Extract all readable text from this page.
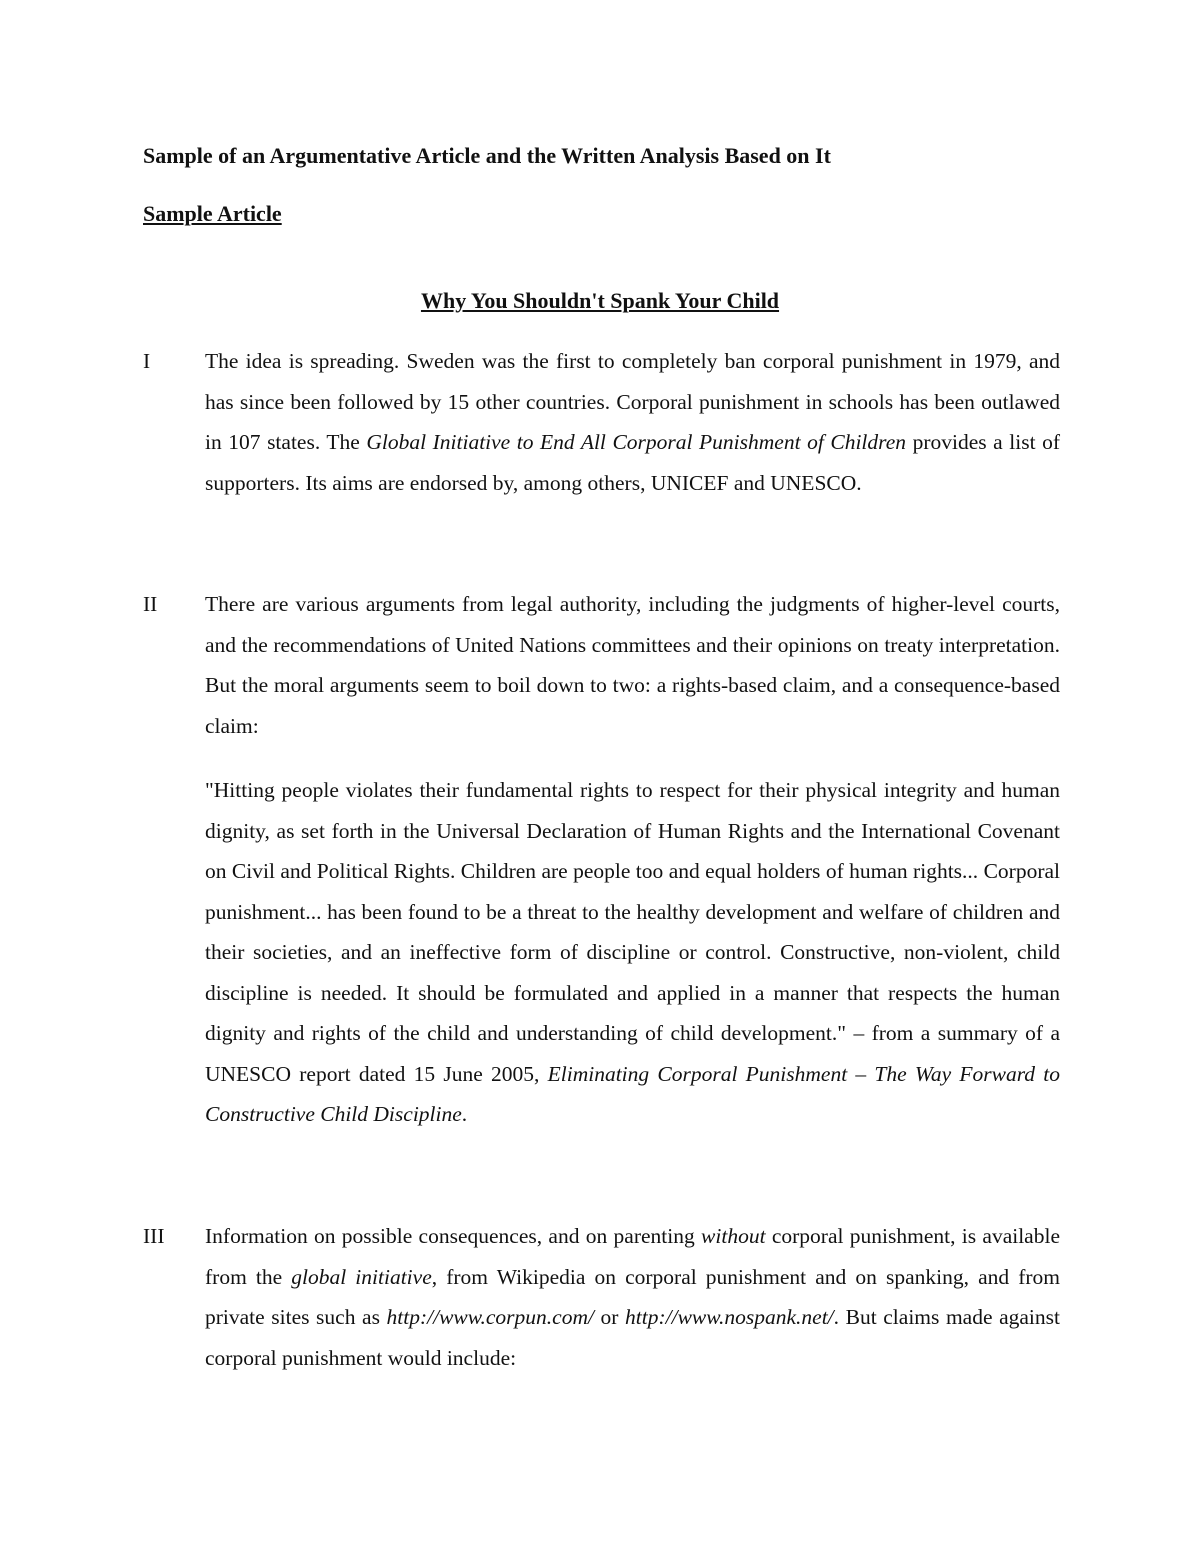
Sample of an Argumentative Article and the Written Analysis Based on It
Sample Article
Why You Shouldn't Spank Your Child
I	The idea is spreading. Sweden was the first to completely ban corporal punishment in 1979, and has since been followed by 15 other countries. Corporal punishment in schools has been outlawed in 107 states. The Global Initiative to End All Corporal Punishment of Children provides a list of supporters. Its aims are endorsed by, among others, UNICEF and UNESCO.

II There are various arguments from legal authority, including the judgments of higher-level courts, and the recommendations of United Nations committees and their opinions on treaty interpretation. But the moral arguments seem to boil down to two: a rights-based claim, and a consequence-based claim:

"Hitting people violates their fundamental rights to respect for their physical integrity and human dignity, as set forth in the Universal Declaration of Human Rights and the International Covenant on Civil and Political Rights. Children are people too and equal holders of human rights... Corporal punishment... has been found to be a threat to the healthy development and welfare of children and their societies, and an ineffective form of discipline or control. Constructive, non-violent, child discipline is needed. It should be formulated and applied in a manner that respects the human dignity and rights of the child and understanding of child development." – from a summary of a UNESCO report dated 15 June 2005, Eliminating Corporal Punishment – The Way Forward to Constructive Child Discipline.

III Information on possible consequences, and on parenting without corporal punishment, is available from the global initiative, from Wikipedia on corporal punishment and on spanking, and from private sites such as http://www.corpun.com/ or http://www.nospank.net/. But claims made against corporal punishment would include:
